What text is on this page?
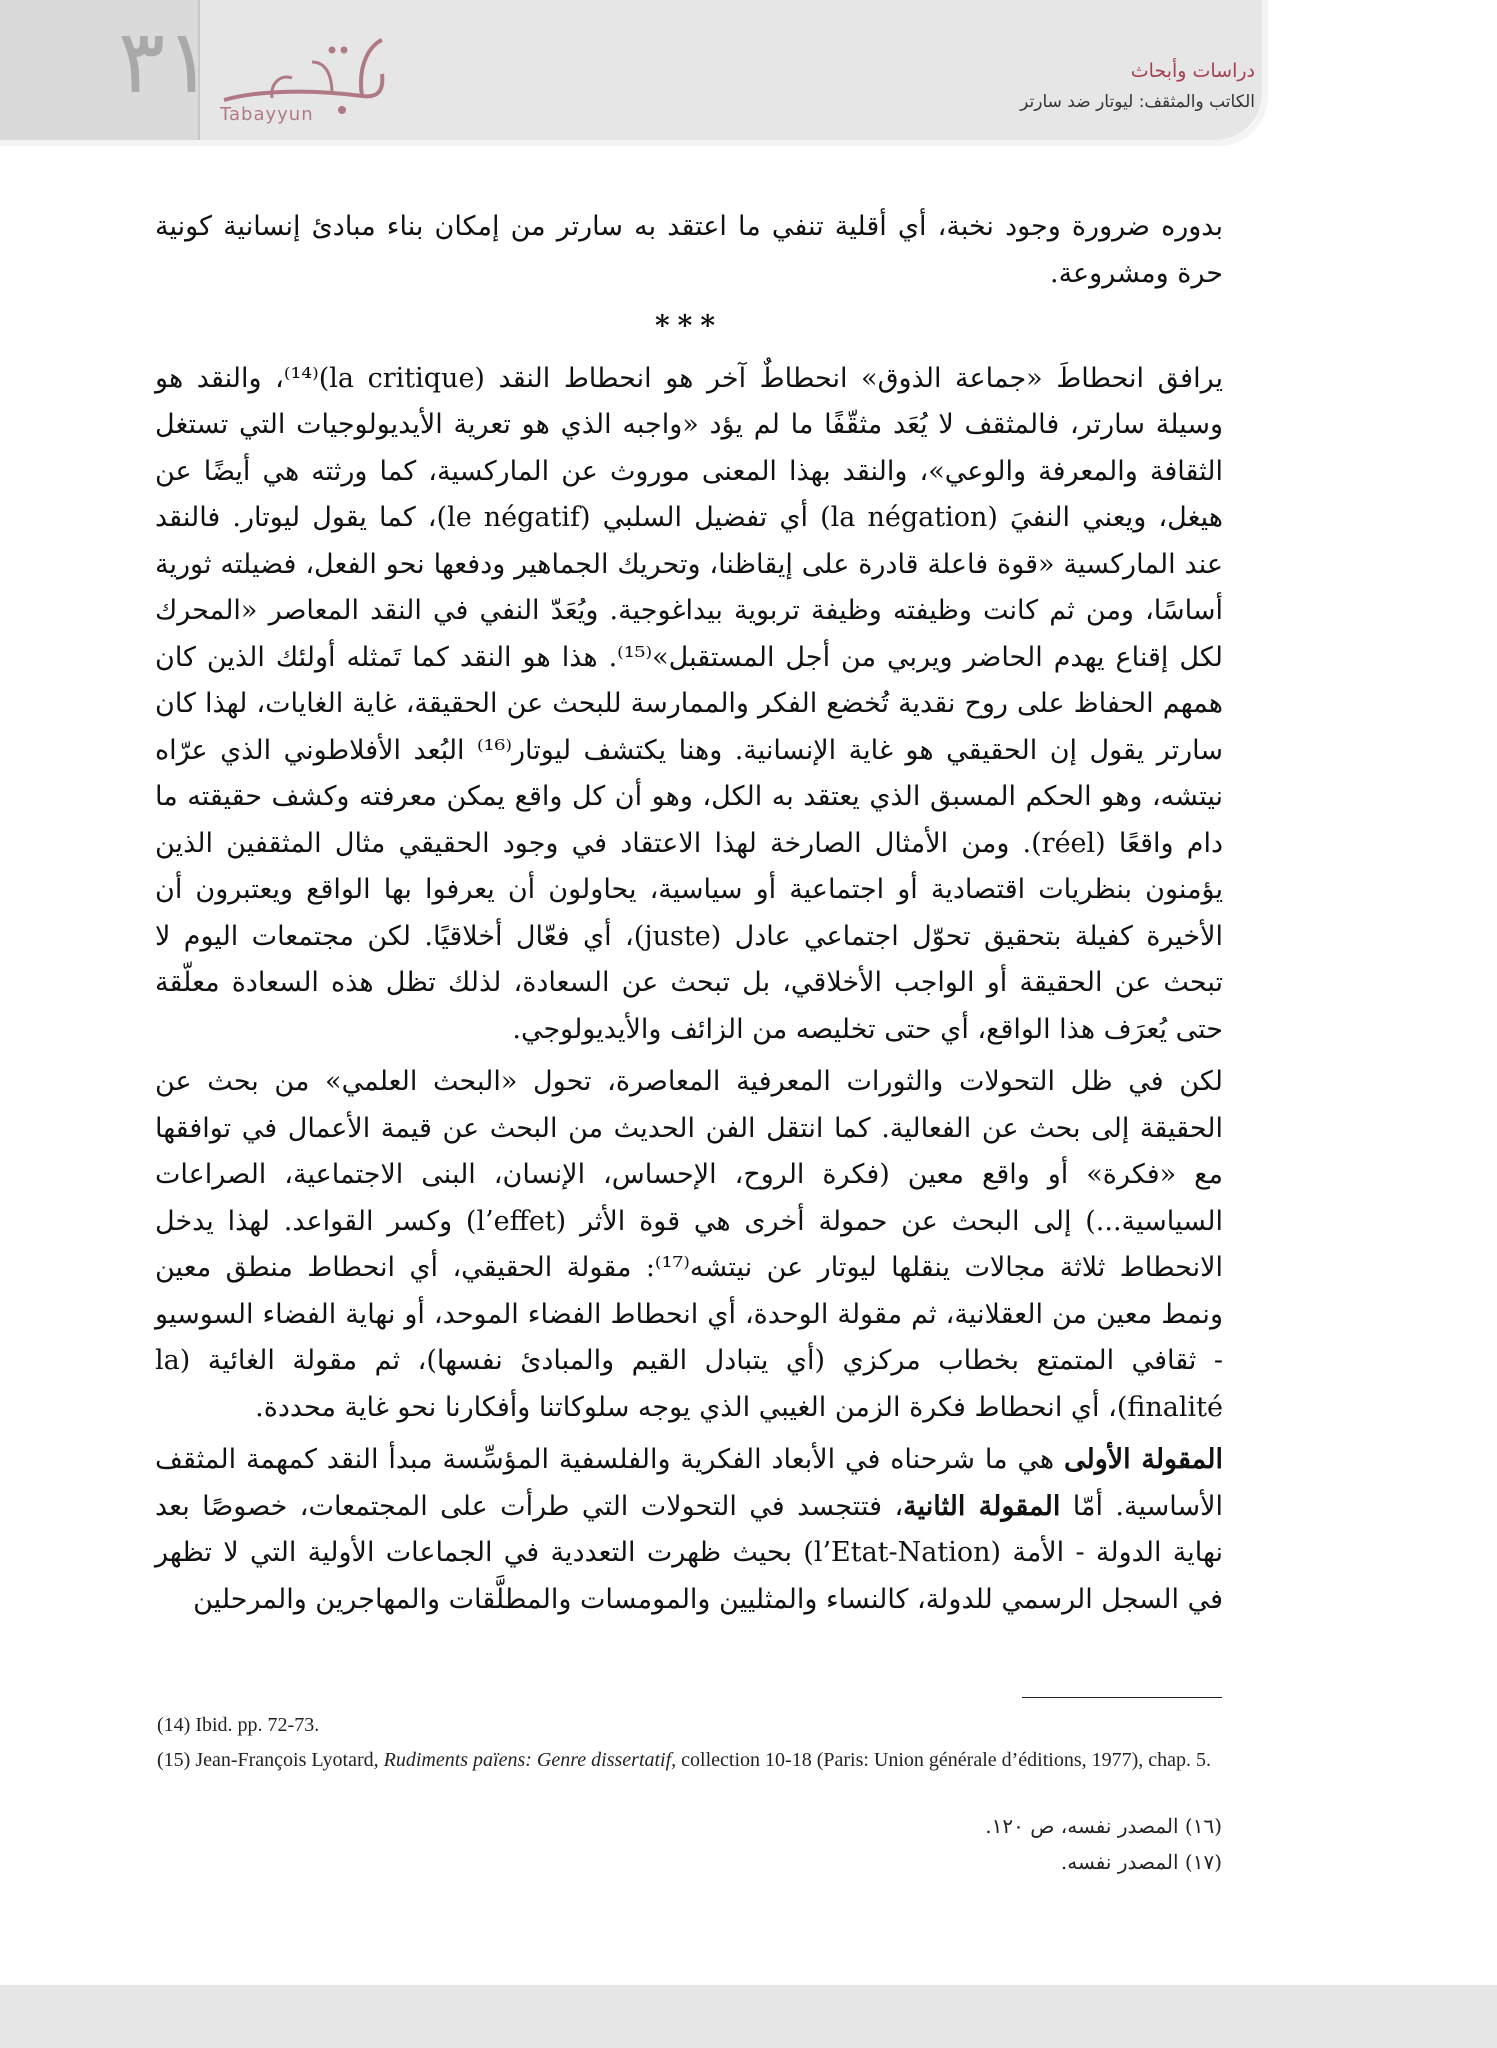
٣١
Tabayyun
دراسات وأبحاث
الكاتب والمثقف: ليوتار ضد سارتر

بدوره ضرورة وجود نخبة، أي أقلية تنفي ما اعتقد به سارتر من إمكان بناء مبادئ إنسانية كونية حرة ومشروعة.

***

يرافق انحطاطَ «جماعة الذوق» انحطاطٌ آخر هو انحطاط النقد (la critique)⁽¹⁴⁾، والنقد هو وسيلة سارتر، فالمثقف لا يُعَد مثقّفًا ما لم يؤد «واجبه الذي هو تعرية الأيديولوجيات التي تستغل الثقافة والمعرفة والوعي»، والنقد بهذا المعنى موروث عن الماركسية، كما ورثته هي أيضًا عن هيغل، ويعني النفيَ (la négation) أي تفضيل السلبي (le négatif)، كما يقول ليوتار. فالنقد عند الماركسية «قوة فاعلة قادرة على إيقاظنا، وتحريك الجماهير ودفعها نحو الفعل، فضيلته ثورية أساسًا، ومن ثم كانت وظيفته وظيفة تربوية بيداغوجية. ويُعَدّ النفي في النقد المعاصر «المحرك لكل إقناع يهدم الحاضر ويربي من أجل المستقبل»⁽¹⁵⁾. هذا هو النقد كما تَمثله أولئك الذين كان همهم الحفاظ على روح نقدية تُخضع الفكر والممارسة للبحث عن الحقيقة، غاية الغايات، لهذا كان سارتر يقول إن الحقيقي هو غاية الإنسانية. وهنا يكتشف ليوتار⁽¹⁶⁾ البُعد الأفلاطوني الذي عرّاه نيتشه، وهو الحكم المسبق الذي يعتقد به الكل، وهو أن كل واقع يمكن معرفته وكشف حقيقته ما دام واقعًا (réel). ومن الأمثال الصارخة لهذا الاعتقاد في وجود الحقيقي مثال المثقفين الذين يؤمنون بنظريات اقتصادية أو اجتماعية أو سياسية، يحاولون أن يعرفوا بها الواقع ويعتبرون أن الأخيرة كفيلة بتحقيق تحوّل اجتماعي عادل (juste)، أي فعّال أخلاقيًا. لكن مجتمعات اليوم لا تبحث عن الحقيقة أو الواجب الأخلاقي، بل تبحث عن السعادة، لذلك تظل هذه السعادة معلّقة حتى يُعرَف هذا الواقع، أي حتى تخليصه من الزائف والأيديولوجي.

لكن في ظل التحولات والثورات المعرفية المعاصرة، تحول «البحث العلمي» من بحث عن الحقيقة إلى بحث عن الفعالية. كما انتقل الفن الحديث من البحث عن قيمة الأعمال في توافقها مع «فكرة» أو واقع معين (فكرة الروح، الإحساس، الإنسان، البنى الاجتماعية، الصراعات السياسية...) إلى البحث عن حمولة أخرى هي قوة الأثر (l’effet) وكسر القواعد. لهذا يدخل الانحطاط ثلاثة مجالات ينقلها ليوتار عن نيتشه⁽¹⁷⁾: مقولة الحقيقي، أي انحطاط منطق معين ونمط معين من العقلانية، ثم مقولة الوحدة، أي انحطاط الفضاء الموحد، أو نهاية الفضاء السوسيو - ثقافي المتمتع بخطاب مركزي (أي يتبادل القيم والمبادئ نفسها)، ثم مقولة الغائية (la finalité)، أي انحطاط فكرة الزمن الغيبي الذي يوجه سلوكاتنا وأفكارنا نحو غاية محددة.

المقولة الأولى هي ما شرحناه في الأبعاد الفكرية والفلسفية المؤسِّسة مبدأ النقد كمهمة المثقف الأساسية. أمّا المقولة الثانية، فتتجسد في التحولات التي طرأت على المجتمعات، خصوصًا بعد نهاية الدولة - الأمة (l’Etat-Nation) بحيث ظهرت التعددية في الجماعات الأولية التي لا تظهر في السجل الرسمي للدولة، كالنساء والمثليين والمومسات والمطلَّقات والمهاجرين والمرحلين

(14) Ibid. pp. 72-73.

(15) Jean-François Lyotard, Rudiments païens: Genre dissertatif, collection 10-18 (Paris: Union générale d’éditions, 1977), chap. 5.

(١٦) المصدر نفسه، ص ١٢٠.

(١٧) المصدر نفسه.
